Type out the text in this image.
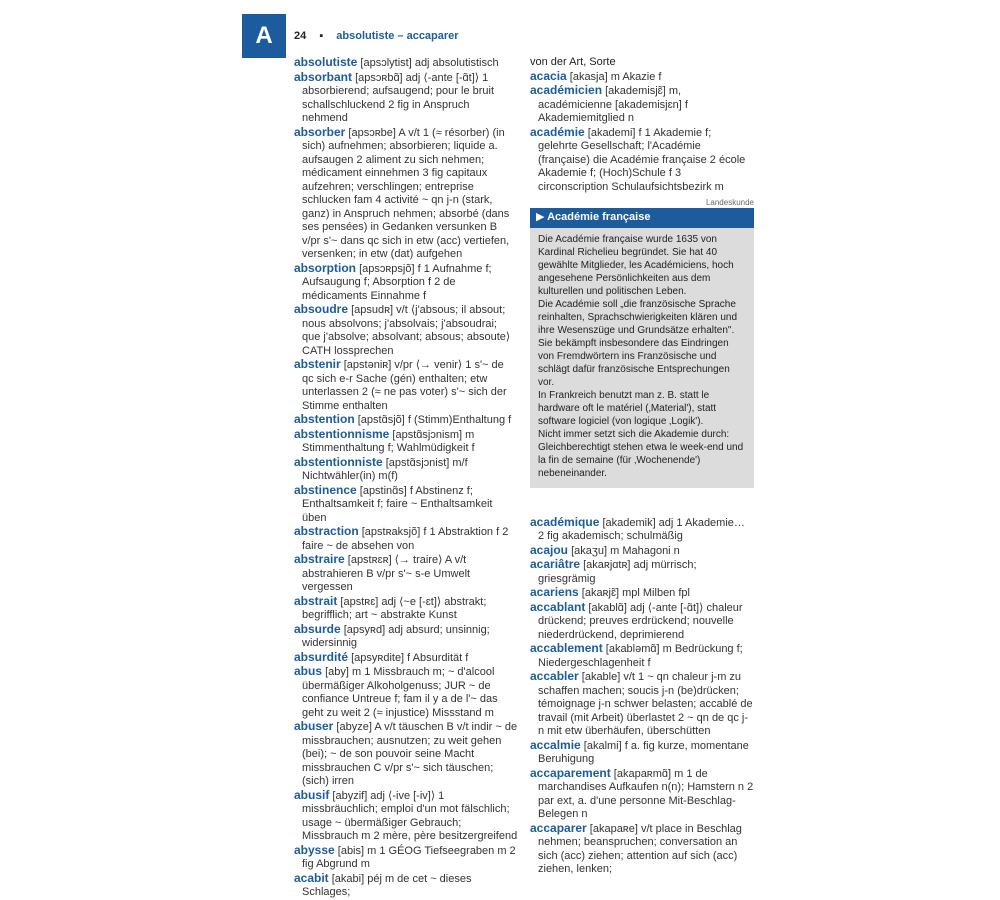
A	24 ▪ absolutiste – accaparer

absolutiste [apsɔlytist] adj absolutistisch

absorbant [apsɔʀbɑ̃] adj ⟨-ante [-ɑ̃t]⟩ 1 absorbierend; aufsaugend; pour le bruit schallschluckend 2 fig in Anspruch nehmend

absorber [apsɔʀbe] A v/t 1 (≈ résorber) (in sich) aufnehmen; absorbieren; liquide a. aufsaugen 2 aliment zu sich nehmen; médicament einnehmen 3 fig capitaux aufzehren; verschlingen; entreprise schlucken fam 4 activité ~ qn j-n (stark, ganz) in Anspruch nehmen; absorbé (dans ses pensées) in Gedanken versunken B v/pr s'~ dans qc sich in etw (acc) vertiefen, versenken; in etw (dat) aufgehen

absorption [apsɔʀpsjõ] f 1 Aufnahme f; Aufsaugung f; Absorption f 2 de médicaments Einnahme f

absoudre [apsudʀ] v/t ⟨j'absous; il absout; nous absolvons; j'absolvais; j'absoudrai; que j'absolve; absolvant; absous; absoute⟩ CATH lossprechen

abstenir [apstəniʀ] v/pr ⟨→ venir⟩ 1 s'~ de qc sich e-r Sache (gén) enthalten; etw unterlassen 2 (≈ ne pas voter) s'~ sich der Stimme enthalten

abstention [apstɑ̃sjõ] f (Stimm)Enthaltung f

abstentionnisme [apstɑ̃sjɔnism] m Stimmenthaltung f; Wahlmüdigkeit f

abstentionniste [apstɑ̃sjɔnist] m/f Nichtwähler(in) m(f)

abstinence [apstinɑ̃s] f Abstinenz f; Enthaltsamkeit f; faire ~ Enthaltsamkeit üben

abstraction [apstʀaksjõ] f 1 Abstraktion f 2 faire ~ de absehen von

abstraire [apstʀɛʀ] ⟨→ traire⟩ A v/t abstrahieren B v/pr s'~ s-e Umwelt vergessen

abstrait [apstʀɛ] adj ⟨~e [-ɛt]⟩ abstrakt; begrifflich; art ~ abstrakte Kunst

absurde [apsyʀd] adj absurd; unsinnig; widersinnig

absurdité [apsyʀdite] f Absurdität f

abus [aby] m 1 Missbrauch m; ~ d'alcool übermäßiger Alkoholgenuss; JUR ~ de confiance Untreue f; fam il y a de l'~ das geht zu weit 2 (≈ injustice) Missstand m

abuser [abyze] A v/t täuschen B v/t indir ~ de missbrauchen; ausnutzen; zu weit gehen (bei); ~ de son pouvoir seine Macht missbrauchen C v/pr s'~ sich täuschen; (sich) irren

abusif [abyzif] adj ⟨-ive [-iv]⟩ 1 missbräuchlich; emploi d'un mot fälschlich; usage ~ übermäßiger Gebrauch; Missbrauch m 2 mère, père besitzergreifend

abysse [abis] m 1 GÉOG Tiefseegraben m 2 fig Abgrund m

acabit [akabi] péj m de cet ~ dieses Schlages;

von der Art, Sorte

acacia [akasja] m Akazie f

académicien [akademisjɛ̃] m, académicienne [akademisjɛn] f Akademiemitglied n

académie [akademi] f 1 Akademie f; gelehrte Gesellschaft; l'Académie (française) die Académie française 2 école Akademie f; (Hoch)Schule f 3 circonscription Schulaufsichtsbezirk m

Landeskunde
▶ Académie française

Die Académie française wurde 1635 von Kardinal Richelieu begründet. Sie hat 40 gewählte Mitglieder, les Académiciens, hoch angesehene Persönlichkeiten aus dem kulturellen und politischen Leben.

Die Académie soll „die französische Sprache reinhalten, Sprachschwierigkeiten klären und ihre Wesenszüge und Grundsätze erhalten". Sie bekämpft insbesondere das Eindringen von Fremdwörtern ins Französische und schlägt dafür französische Entsprechungen vor.

In Frankreich benutzt man z. B. statt le hardware oft le matériel (‚Material'), statt software logiciel (von logique ‚Logik').

Nicht immer setzt sich die Akademie durch: Gleichberechtigt stehen etwa le week-end und la fin de semaine (für ‚Wochenende') nebeneinander.

académique [akademik] adj 1 Akademie… 2 fig akademisch; schulmäßig

acajou [akaʒu] m Mahagoni n

acariâtre [akaʀjɑtʀ] adj mürrisch; griesgrämig

acariens [akaʀjɛ̃] mpl Milben fpl

accablant [akablɑ̃] adj ⟨-ante [-ɑ̃t]⟩ chaleur drückend; preuves erdrückend; nouvelle niederdrückend, deprimierend

accablement [akabləmɑ̃] m Bedrückung f; Niedergeschlagenheit f

accabler [akable] v/t 1 ~ qn chaleur j-m zu schaffen machen; soucis j-n (be)drücken; témoignage j-n schwer belasten; accablé de travail (mit Arbeit) überlastet 2 ~ qn de qc j-n mit etw überhäufen, überschütten

accalmie [akalmi] f a. fig kurze, momentane Beruhigung

accaparement [akapaʀmɑ̃] m 1 de marchandises Aufkaufen n(n); Hamstern n 2 par ext, a. d'une personne Mit-Beschlag-Belegen n

accaparer [akapaʀe] v/t place in Beschlag nehmen; beanspruchen; conversation an sich (acc) ziehen; attention auf sich (acc) ziehen, lenken;
